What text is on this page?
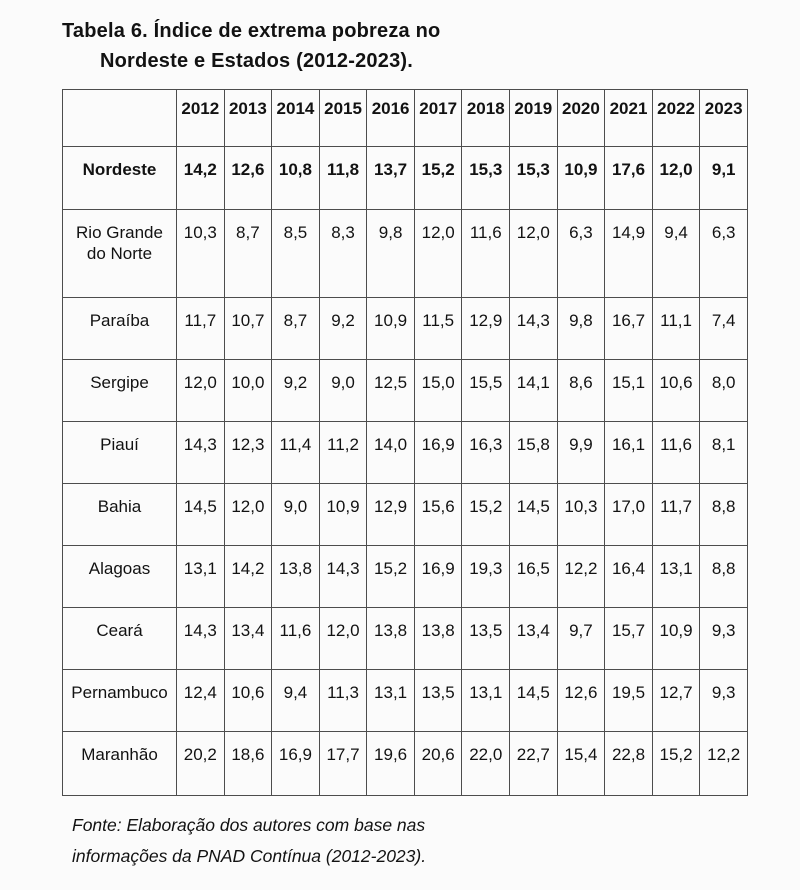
Tabela 6. Índice de extrema pobreza no
Nordeste e Estados (2012-2023).
	2012	2013	2014	2015	2016	2017	2018	2019	2020	2021	2022	2023
Nordeste	14,2	12,6	10,8	11,8	13,7	15,2	15,3	15,3	10,9	17,6	12,0	9,1
Rio Grande do Norte	10,3	8,7	8,5	8,3	9,8	12,0	11,6	12,0	6,3	14,9	9,4	6,3
Paraíba	11,7	10,7	8,7	9,2	10,9	11,5	12,9	14,3	9,8	16,7	11,1	7,4
Sergipe	12,0	10,0	9,2	9,0	12,5	15,0	15,5	14,1	8,6	15,1	10,6	8,0
Piauí	14,3	12,3	11,4	11,2	14,0	16,9	16,3	15,8	9,9	16,1	11,6	8,1
Bahia	14,5	12,0	9,0	10,9	12,9	15,6	15,2	14,5	10,3	17,0	11,7	8,8
Alagoas	13,1	14,2	13,8	14,3	15,2	16,9	19,3	16,5	12,2	16,4	13,1	8,8
Ceará	14,3	13,4	11,6	12,0	13,8	13,8	13,5	13,4	9,7	15,7	10,9	9,3
Pernambuco	12,4	10,6	9,4	11,3	13,1	13,5	13,1	14,5	12,6	19,5	12,7	9,3
Maranhão	20,2	18,6	16,9	17,7	19,6	20,6	22,0	22,7	15,4	22,8	15,2	12,2
Fonte: Elaboração dos autores com base nas
informações da PNAD Contínua (2012-2023).
